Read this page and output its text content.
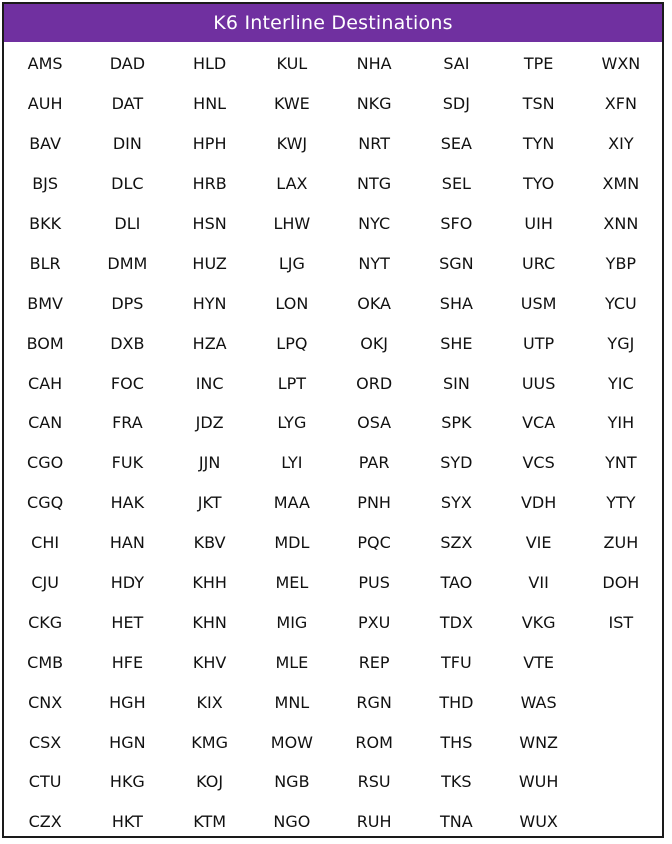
K6 Interline Destinations
AMS	DAD	HLD	KUL	NHA	SAI	TPE	WXN
AUH	DAT	HNL	KWE	NKG	SDJ	TSN	XFN
BAV	DIN	HPH	KWJ	NRT	SEA	TYN	XIY
BJS	DLC	HRB	LAX	NTG	SEL	TYO	XMN
BKK	DLI	HSN	LHW	NYC	SFO	UIH	XNN
BLR	DMM	HUZ	LJG	NYT	SGN	URC	YBP
BMV	DPS	HYN	LON	OKA	SHA	USM	YCU
BOM	DXB	HZA	LPQ	OKJ	SHE	UTP	YGJ
CAH	FOC	INC	LPT	ORD	SIN	UUS	YIC
CAN	FRA	JDZ	LYG	OSA	SPK	VCA	YIH
CGO	FUK	JJN	LYI	PAR	SYD	VCS	YNT
CGQ	HAK	JKT	MAA	PNH	SYX	VDH	YTY
CHI	HAN	KBV	MDL	PQC	SZX	VIE	ZUH
CJU	HDY	KHH	MEL	PUS	TAO	VII	DOH
CKG	HET	KHN	MIG	PXU	TDX	VKG	IST
CMB	HFE	KHV	MLE	REP	TFU	VTE	
CNX	HGH	KIX	MNL	RGN	THD	WAS	
CSX	HGN	KMG	MOW	ROM	THS	WNZ	
CTU	HKG	KOJ	NGB	RSU	TKS	WUH	
CZX	HKT	KTM	NGO	RUH	TNA	WUX	
